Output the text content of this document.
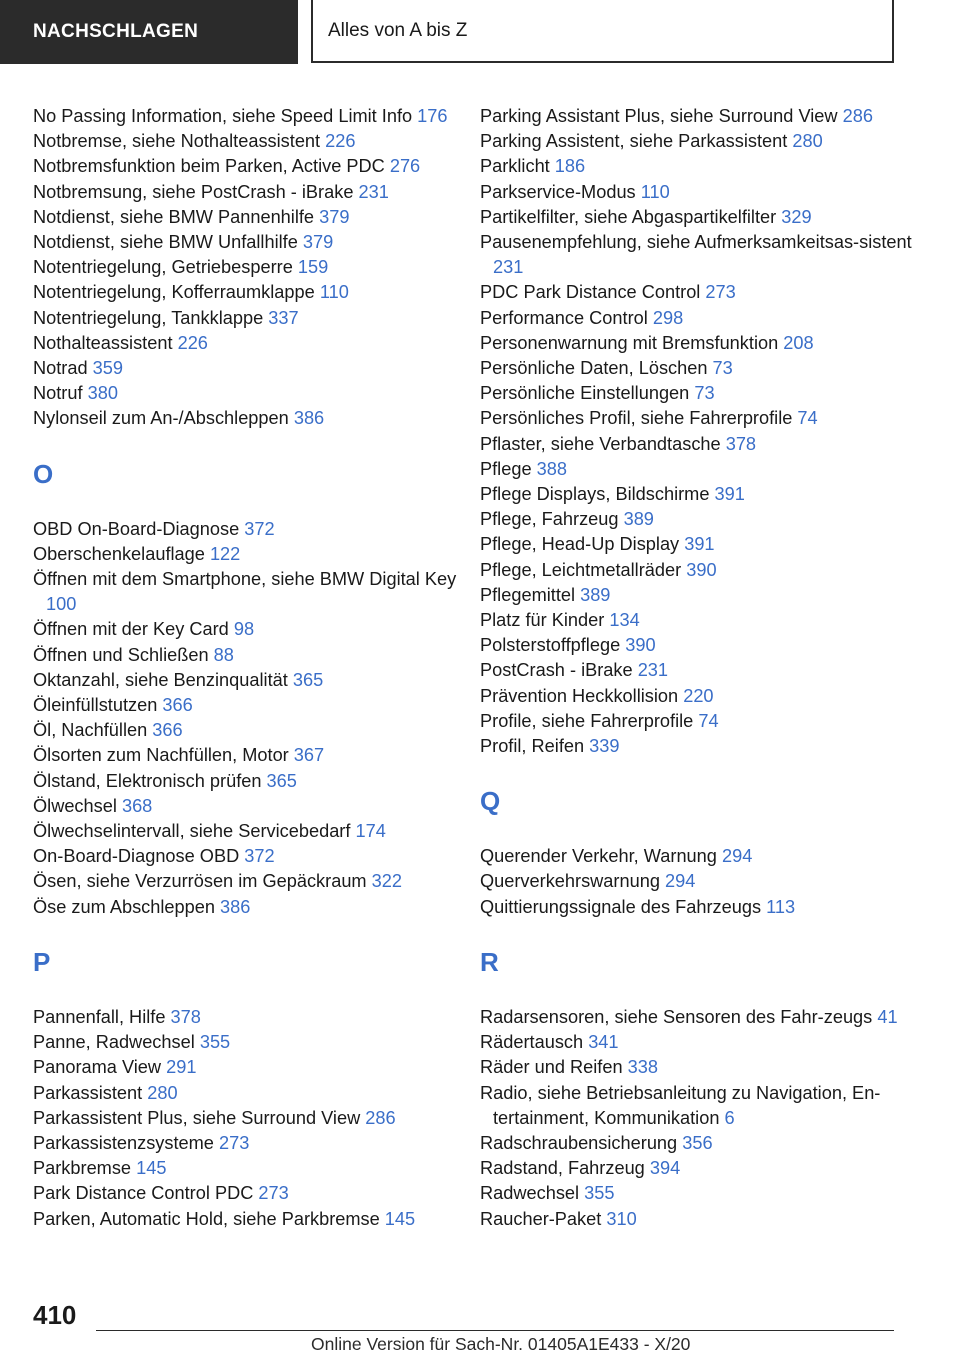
NACHSCHLAGEN	Alles von A bis Z
No Passing Information, siehe Speed Limit Info 176
Notbremse, siehe Nothalteassistent 226
Notbremsfunktion beim Parken, Active PDC 276
Notbremsung, siehe PostCrash - iBrake 231
Notdienst, siehe BMW Pannenhilfe 379
Notdienst, siehe BMW Unfallhilfe 379
Notentriegelung, Getriebesperre 159
Notentriegelung, Kofferraumklappe 110
Notentriegelung, Tankklappe 337
Nothalteassistent 226
Notrad 359
Notruf 380
Nylonseil zum An-/Abschleppen 386
O
OBD On-Board-Diagnose 372
Oberschenkelauflage 122
Öffnen mit dem Smartphone, siehe BMW Digital Key 100
Öffnen mit der Key Card 98
Öffnen und Schließen 88
Oktanzahl, siehe Benzinqualität 365
Öleinfüllstutzen 366
Öl, Nachfüllen 366
Ölsorten zum Nachfüllen, Motor 367
Ölstand, Elektronisch prüfen 365
Ölwechsel 368
Ölwechselintervall, siehe Servicebedarf 174
On-Board-Diagnose OBD 372
Ösen, siehe Verzurrösen im Gepäckraum 322
Öse zum Abschleppen 386
P
Pannenfall, Hilfe 378
Panne, Radwechsel 355
Panorama View 291
Parkassistent 280
Parkassistent Plus, siehe Surround View 286
Parkassistenzsysteme 273
Parkbremse 145
Park Distance Control PDC 273
Parken, Automatic Hold, siehe Parkbremse 145
Parking Assistant Plus, siehe Surround View 286
Parking Assistent, siehe Parkassistent 280
Parklicht 186
Parkservice-Modus 110
Partikelfilter, siehe Abgaspartikelfilter 329
Pausenempfehlung, siehe Aufmerksamkeitsas-sistent 231
PDC Park Distance Control 273
Performance Control 298
Personenwarnung mit Bremsfunktion 208
Persönliche Daten, Löschen 73
Persönliche Einstellungen 73
Persönliches Profil, siehe Fahrerprofile 74
Pflaster, siehe Verbandtasche 378
Pflege 388
Pflege Displays, Bildschirme 391
Pflege, Fahrzeug 389
Pflege, Head-Up Display 391
Pflege, Leichtmetallräder 390
Pflegemittel 389
Platz für Kinder 134
Polsterstoffpflege 390
PostCrash - iBrake 231
Prävention Heckkollision 220
Profile, siehe Fahrerprofile 74
Profil, Reifen 339
Q
Querender Verkehr, Warnung 294
Querverkehrswarnung 294
Quittierungssignale des Fahrzeugs 113
R
Radarsensoren, siehe Sensoren des Fahr-zeugs 41
Rädertausch 341
Räder und Reifen 338
Radio, siehe Betriebsanleitung zu Navigation, En-tertainment, Kommunikation 6
Radschraubensicherung 356
Radstand, Fahrzeug 394
Radwechsel 355
Raucher-Paket 310
410
Online Version für Sach-Nr. 01405A1E433 - X/20
